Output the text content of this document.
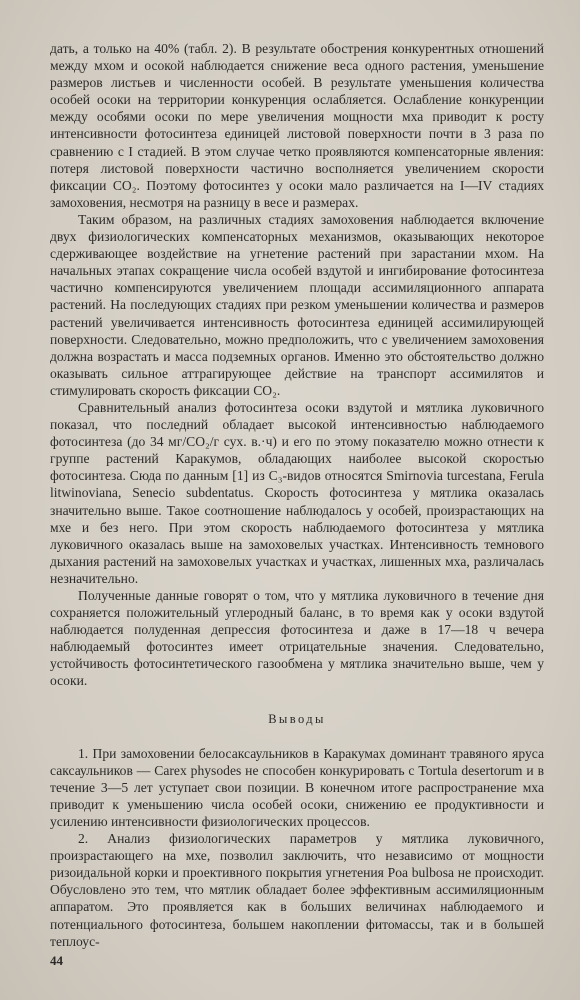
дать, а только на 40% (табл. 2). В результате обострения конкурентных отношений между мхом и осокой наблюдается снижение веса одного растения, уменьшение размеров листьев и численности особей. В результате уменьшения количества особей осоки на территории конкуренция ослабляется. Ослабление конкуренции между особями осоки по мере увеличения мощности мха приводит к росту интенсивности фотосинтеза единицей листовой поверхности почти в 3 раза по сравнению с I стадией. В этом случае четко проявляются компенсаторные явления: потеря листовой поверхности частично восполняется увеличением скорости фиксации CO₂. Поэтому фотосинтез у осоки мало различается на I—IV стадиях замоховения, несмотря на разницу в весе и размерах.

Таким образом, на различных стадиях замоховения наблюдается включение двух физиологических компенсаторных механизмов, оказывающих некоторое сдерживающее воздействие на угнетение растений при зарастании мхом. На начальных этапах сокращение числа особей вздутой и ингибирование фотосинтеза частично компенсируются увеличением площади ассимиляционного аппарата растений. На последующих стадиях при резком уменьшении количества и размеров растений увеличивается интенсивность фотосинтеза единицей ассимилирующей поверхности. Следовательно, можно предположить, что с увеличением замоховения должна возрастать и масса подземных органов. Именно это обстоятельство должно оказывать сильное аттрагирующее действие на транспорт ассимилятов и стимулировать скорость фиксации CO₂.

Сравнительный анализ фотосинтеза осоки вздутой и мятлика луковичного показал, что последний обладает высокой интенсивностью наблюдаемого фотосинтеза (до 34 мг/CO₂/г сух. в.·ч) и его по этому показателю можно отнести к группе растений Каракумов, обладающих наиболее высокой скоростью фотосинтеза. Сюда по данным [1] из C₃-видов относятся Smirnovia turcestana, Ferula litwinoviana, Senecio subdentatus. Скорость фотосинтеза у мятлика оказалась значительно выше. Такое соотношение наблюдалось у особей, произрастающих на мхе и без него. При этом скорость наблюдаемого фотосинтеза у мятлика луковичного оказалась выше на замоховелых участках. Интенсивность темнового дыхания растений на замоховелых участках и участках, лишенных мха, различалась незначительно.

Полученные данные говорят о том, что у мятлика луковичного в течение дня сохраняется положительный углеродный баланс, в то время как у осоки вздутой наблюдается полуденная депрессия фотосинтеза и даже в 17—18 ч вечера наблюдаемый фотосинтез имеет отрицательные значения. Следовательно, устойчивость фотосинтетического газообмена у мятлика значительно выше, чем у осоки.

Выводы

1. При замоховении белосаксаульников в Каракумах доминант травяного яруса саксаульников — Carex physodes не способен конкурировать с Tortula desertorum и в течение 3—5 лет уступает свои позиции. В конечном итоге распространение мха приводит к уменьшению числа особей осоки, снижению ее продуктивности и усилению интенсивности физиологических процессов.

2. Анализ физиологических параметров у мятлика луковичного, произрастающего на мхе, позволил заключить, что независимо от мощности ризоидальной корки и проективного покрытия угнетения Poa bulbosa не происходит. Обусловлено это тем, что мятлик обладает более эффективным ассимиляционным аппаратом. Это проявляется как в больших величинах наблюдаемого и потенциального фотосинтеза, большем накоплении фитомассы, так и в большей теплоус-

44
